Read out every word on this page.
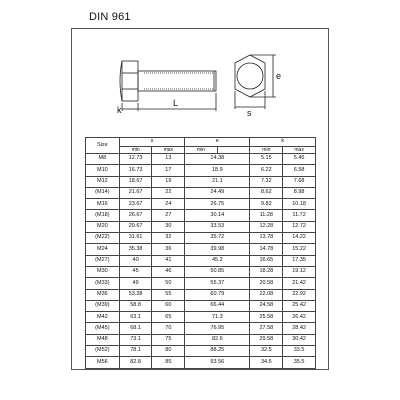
DIN 961
k
L
e
s
Size	s		e		k	
	min	max	min		min	max
M8	12.73	13	14.38		5.15	5.45
M10	16.73	17	18.9		6.22	6.58
M12	18.67	19	21.1		7.32	7.68
(M14)	21.67	22	24.49		8.62	8.98
M16	23.67	24	26.75		9.82	10.18
(M18)	26.67	27	30.14		11.28	11.72
M20	29.67	30	33.53		12.28	12.72
(M22)	31.61	32	35.72		13.78	14.22
M24	35.38	36	39.98		14.78	15.22
(M27)	40	41	45.2		16.65	17.35
M30	45	46	50.85		18.28	19.12
(M33)	49	50	55.37		20.58	21.42
M36	53.38	55	60.79		22.08	22.92
(M39)	58.8	60	66.44		24.58	25.42
M42	63.1	65	71.3		25.58	26.42
(M45)	68.1	70	76.95		27.58	28.42
M48	73.1	75	82.6		29.58	30.42
(M52)	78.1	80	88.25		32.5	33.5
M56	82.8	85	93.56		34.5	35.5
